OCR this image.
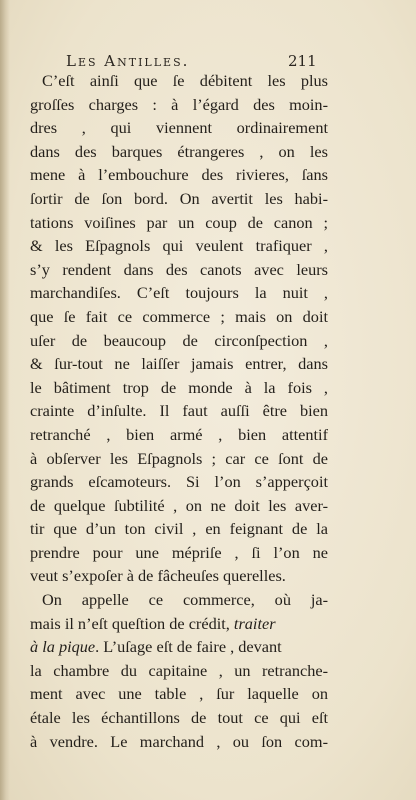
Les Antilles.	211
C’eſt ainſi que ſe débitent les plus
groſſes charges : à l’égard des moin-
dres , qui viennent ordinairement
dans des barques étrangeres , on les
mene à l’embouchure des rivieres, ſans
ſortir de ſon bord. On avertit les habi-
tations voiſines par un coup de canon ;
& les Eſpagnols qui veulent trafiquer ,
s’y rendent dans des canots avec leurs
marchandiſes. C’eſt toujours la nuit ,
que ſe fait ce commerce ; mais on doit
uſer de beaucoup de circonſpection ,
& ſur-tout ne laiſſer jamais entrer, dans
le bâtiment trop de monde à la fois ,
crainte d’inſulte. Il faut auſſi être bien
retranché , bien armé , bien attentif
à obſerver les Eſpagnols ; car ce ſont de
grands eſcamoteurs. Si l’on s’apperçoit
de quelque ſubtilité , on ne doit les aver-
tir que d’un ton civil , en feignant de la
prendre pour une mépriſe , ſi l’on ne
veut s’expoſer à de fâcheuſes querelles.
On appelle ce commerce, où ja-
mais il n’eſt queſtion de crédit, traiter
à la pique. L’uſage eſt de faire , devant
la chambre du capitaine , un retranche-
ment avec une table , ſur laquelle on
étale les échantillons de tout ce qui eſt
à vendre. Le marchand , ou ſon com-
